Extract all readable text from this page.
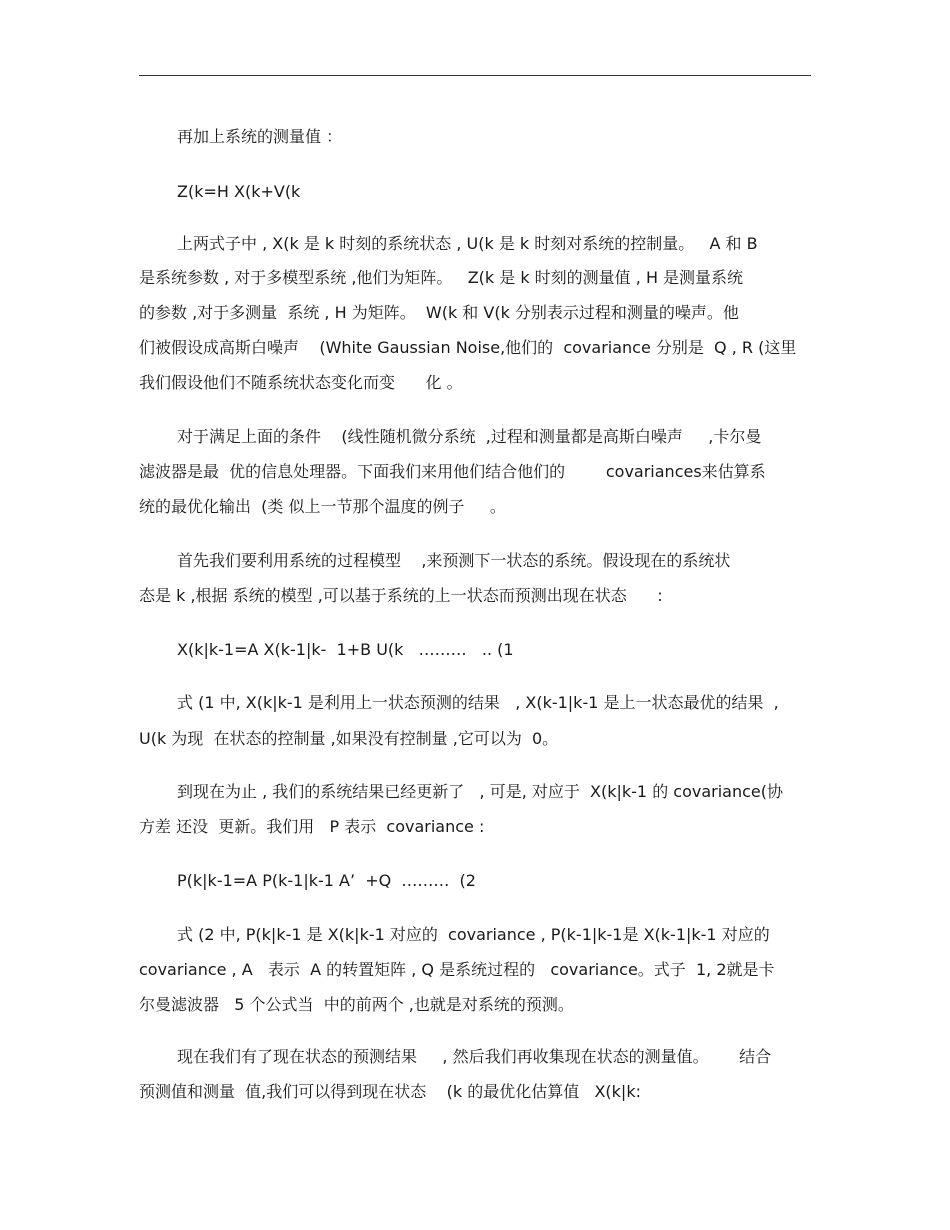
再加上系统的测量值 ：
Z(k=H X(k+V(k
上两式子中 , X(k 是 k 时刻的系统状态 , U(k 是 k 时刻对系统的控制量。   A 和 B
是系统参数 , 对于多模型系统 ,他们为矩阵。   Z(k 是 k 时刻的测量值 , H 是测量系统
的参数 ,对于多测量  系统 , H 为矩阵。  W(k 和 V(k 分别表示过程和测量的噪声。他
们被假设成高斯白噪声    (White Gaussian Noise,他们的  covariance 分别是  Q , R (这里
我们假设他们不随系统状态变化而变      化 。
对于满足上面的条件    (线性随机微分系统  ,过程和测量都是高斯白噪声     ,卡尔曼
滤波器是最  优的信息处理器。下面我们来用他们结合他们的        covariances来估算系
统的最优化输出  (类 似上一节那个温度的例子     。
首先我们要利用系统的过程模型    ,来预测下一状态的系统。假设现在的系统状
态是 k ,根据 系统的模型 ,可以基于系统的上一状态而预测出现在状态      :
X(k|k-1=A X(k-1|k-  1+B U(k   ………   .. (1
式 (1 中, X(k|k-1 是利用上一状态预测的结果   , X(k-1|k-1 是上一状态最优的结果  ,
U(k 为现  在状态的控制量 ,如果没有控制量 ,它可以为  0。
到现在为止 , 我们的系统结果已经更新了   , 可是, 对应于  X(k|k-1 的 covariance(协
方差 还没  更新。我们用   P 表示  covariance :
P(k|k-1=A P(k-1|k-1 A’  +Q  ………  (2
式 (2 中, P(k|k-1 是 X(k|k-1 对应的  covariance , P(k-1|k-1是 X(k-1|k-1 对应的
covariance , A   表示  A 的转置矩阵 , Q 是系统过程的   covariance。式子  1, 2就是卡
尔曼滤波器   5 个公式当  中的前两个 ,也就是对系统的预测。
现在我们有了现在状态的预测结果     , 然后我们再收集现在状态的测量值。      结合
预测值和测量  值,我们可以得到现在状态    (k 的最优化估算值   X(k|k:
